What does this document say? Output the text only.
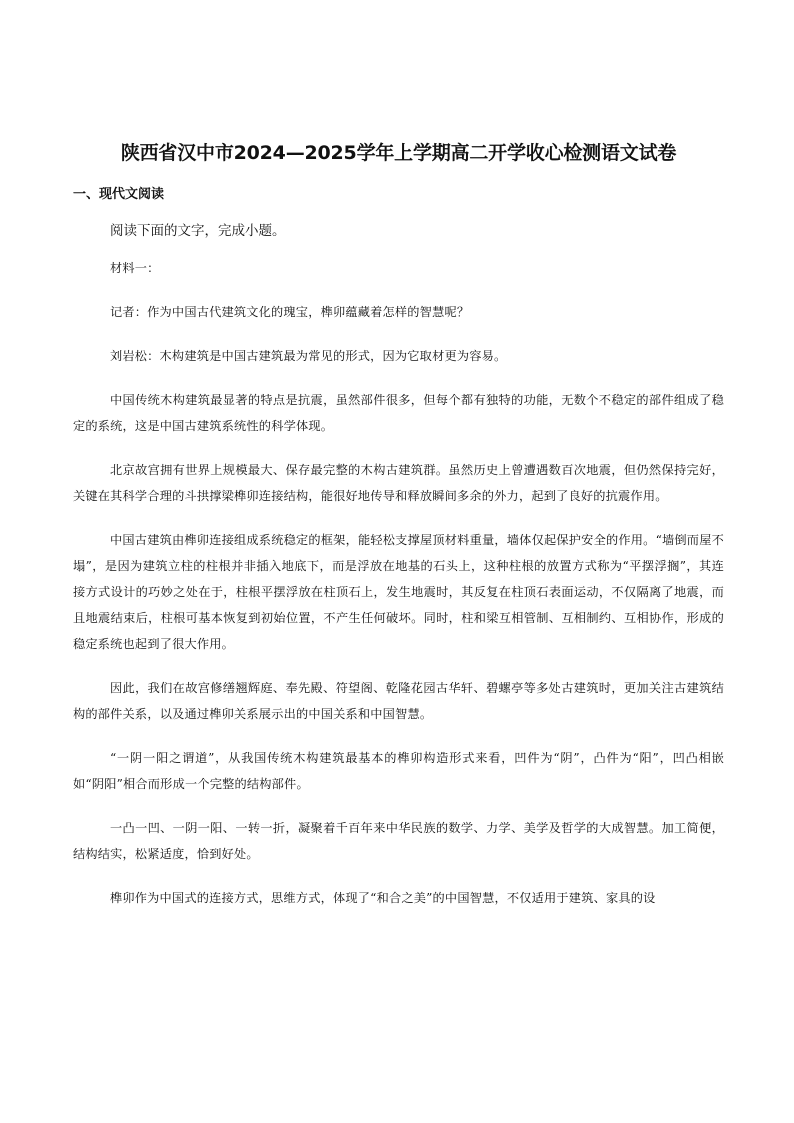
陕西省汉中市2024—2025学年上学期高二开学收心检测语文试卷
一、现代文阅读
阅读下面的文字，完成小题。

材料一：

记者：作为中国古代建筑文化的瑰宝，榫卯蕴藏着怎样的智慧呢？

刘岩松：木构建筑是中国古建筑最为常见的形式，因为它取材更为容易。

中国传统木构建筑最显著的特点是抗震，虽然部件很多，但每个都有独特的功能，无数个不稳定的部件组成了稳定的系统，这是中国古建筑系统性的科学体现。

北京故宫拥有世界上规模最大、保存最完整的木构古建筑群。虽然历史上曾遭遇数百次地震，但仍然保持完好，关键在其科学合理的斗拱撑梁榫卯连接结构，能很好地传导和释放瞬间多余的外力，起到了良好的抗震作用。

中国古建筑由榫卯连接组成系统稳定的框架，能轻松支撑屋顶材料重量，墙体仅起保护安全的作用。“墙倒而屋不塌”，是因为建筑立柱的柱根并非插入地底下，而是浮放在地基的石头上，这种柱根的放置方式称为“平摆浮搁”，其连接方式设计的巧妙之处在于，柱根平摆浮放在柱顶石上，发生地震时，其反复在柱顶石表面运动，不仅隔离了地震，而且地震结束后，柱根可基本恢复到初始位置，不产生任何破坏。同时，柱和梁互相管制、互相制约、互相协作，形成的稳定系统也起到了很大作用。

因此，我们在故宫修缮翘辉庭、奉先殿、符望阁、乾隆花园古华轩、碧螺亭等多处古建筑时，更加关注古建筑结构的部件关系，以及通过榫卯关系展示出的中国关系和中国智慧。

“一阴一阳之谓道”，从我国传统木构建筑最基本的榫卯构造形式来看，凹件为“阴”，凸件为“阳”，凹凸相嵌如“阴阳”相合而形成一个完整的结构部件。

一凸一凹、一阴一阳、一转一折，凝聚着千百年来中华民族的数学、力学、美学及哲学的大成智慧。加工简便，结构结实，松紧适度，恰到好处。

榫卯作为中国式的连接方式，思维方式，体现了“和合之美”的中国智慧，不仅适用于建筑、家具的设
